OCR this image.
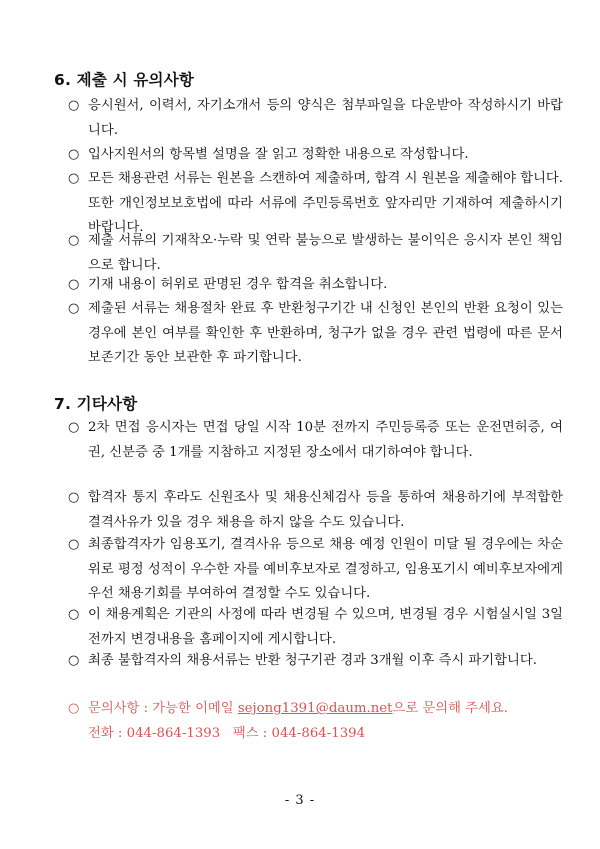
6. 제출 시 유의사항
○ 응시원서, 이력서, 자기소개서 등의 양식은 첨부파일을 다운받아 작성하시기 바랍니다.
○ 입사지원서의 항목별 설명을 잘 읽고 정확한 내용으로 작성합니다.
○ 모든 채용관련 서류는 원본을 스캔하여 제출하며, 합격 시 원본을 제출해야 합니다. 또한 개인정보보호법에 따라 서류에 주민등록번호 앞자리만 기재하여 제출하시기 바랍니다.
○ 제출 서류의 기재착오·누락 및 연락 불능으로 발생하는 불이익은 응시자 본인 책임으로 합니다.
○ 기재 내용이 허위로 판명된 경우 합격을 취소합니다.
○ 제출된 서류는 채용절차 완료 후 반환청구기간 내 신청인 본인의 반환 요청이 있는 경우에 본인 여부를 확인한 후 반환하며, 청구가 없을 경우 관련 법령에 따른 문서 보존기간 동안 보관한 후 파기합니다.
7. 기타사항
○ 2차 면접 응시자는 면접 당일 시작 10분 전까지 주민등록증 또는 운전면허증, 여권, 신분증 중 1개를 지참하고 지정된 장소에서 대기하여야 합니다.
○ 합격자 통지 후라도 신원조사 및 채용신체검사 등을 통하여 채용하기에 부적합한 결격사유가 있을 경우 채용을 하지 않을 수도 있습니다.
○ 최종합격자가 임용포기, 결격사유 등으로 채용 예정 인원이 미달 될 경우에는 차순위로 평정 성적이 우수한 자를 예비후보자로 결정하고, 임용포기시 예비후보자에게 우선 채용기회를 부여하여 결정할 수도 있습니다.
○ 이 채용계획은 기관의 사정에 따라 변경될 수 있으며, 변경될 경우 시험실시일 3일 전까지 변경내용을 홈페이지에 게시합니다.
○ 최종 불합격자의 채용서류는 반환 청구기관 경과 3개월 이후 즉시 파기합니다.
○ 문의사항 : 가능한 이메일 sejong1391@daum.net으로 문의해 주세요.
전화 : 044-864-1393   팩스 : 044-864-1394
- 3 -
